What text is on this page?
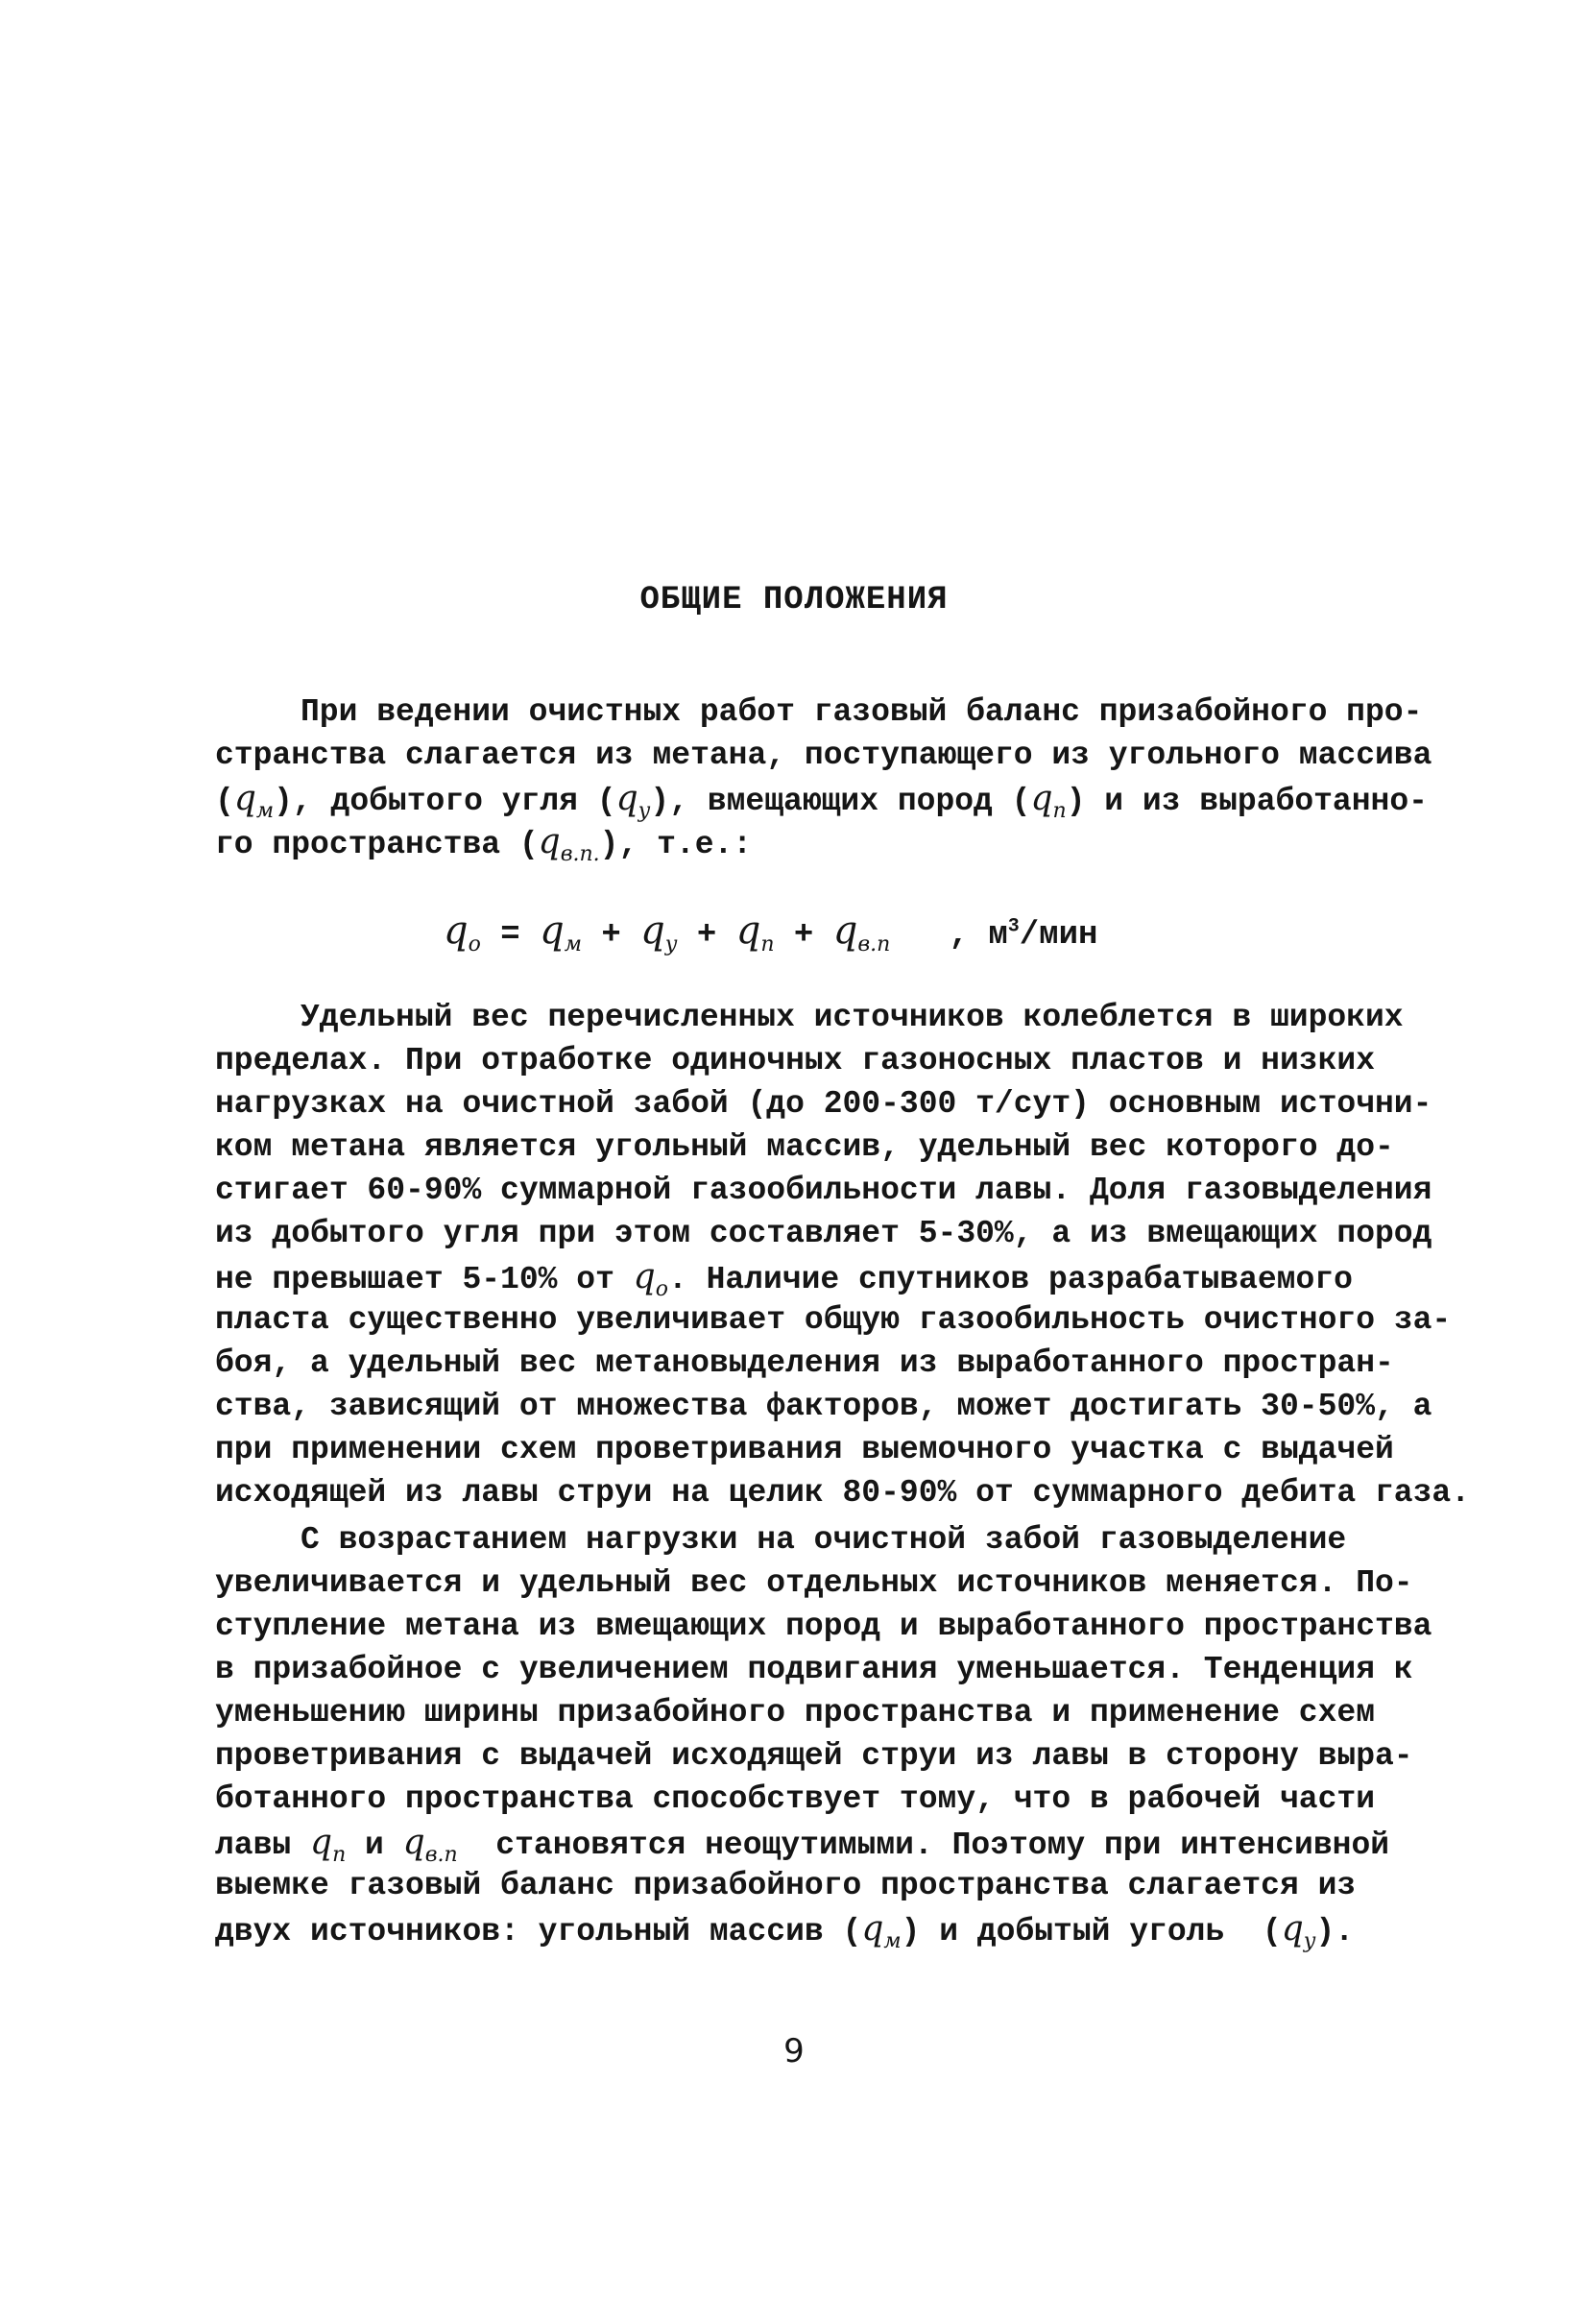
ОБЩИЕ ПОЛОЖЕНИЯ
При ведении очистных работ газовый баланс призабойного про-
странства слагается из метана, поступающего из угольного массива
$(q_м)$, добытого угля $(q_у)$, вмещающих пород $(q_п)$ и из выработанно-
го пространства $(q_{в.п.})$, т.е.:
$q_о = q_м + q_у + q_п + q_{в.п}$ , $м^3$/мин
Удельный вес перечисленных источников колеблется в широких
пределах. При отработке одиночных газоносных пластов и низких
нагрузках на очистной забой (до 200-300 т/сут) основным источни-
ком метана является угольный массив, удельный вес которого до-
стигает 60-90% суммарной газообильности лавы. Доля газовыделения
из добытого угля при этом составляет 5-30%, а из вмещающих пород
не превышает 5-10% от $q_о$. Наличие спутников разрабатываемого
пласта существенно увеличивает общую газообильность очистного за-
боя, а удельный вес метановыделения из выработанного простран-
ства, зависящий от множества факторов, может достигать 30-50%, а
при применении схем проветривания выемочного участка с выдачей
исходящей из лавы струи на целик 80-90% от суммарного дебита газа.
С возрастанием нагрузки на очистной забой газовыделение
увеличивается и удельный вес отдельных источников меняется. По-
ступление метана из вмещающих пород и выработанного пространства
в призабойное с увеличением подвигания уменьшается. Тенденция к
уменьшению ширины призабойного пространства и применение схем
проветривания с выдачей исходящей струи из лавы в сторону выра-
ботанного пространства способствует тому, что в рабочей части
лавы $q_п$ и $q_{в.п}$  становятся неощутимыми. Поэтому при интенсивной
выемке газовый баланс призабойного пространства слагается из
двух источников: угольный массив $(q_м)$ и добытый уголь  $(q_у)$.
9
